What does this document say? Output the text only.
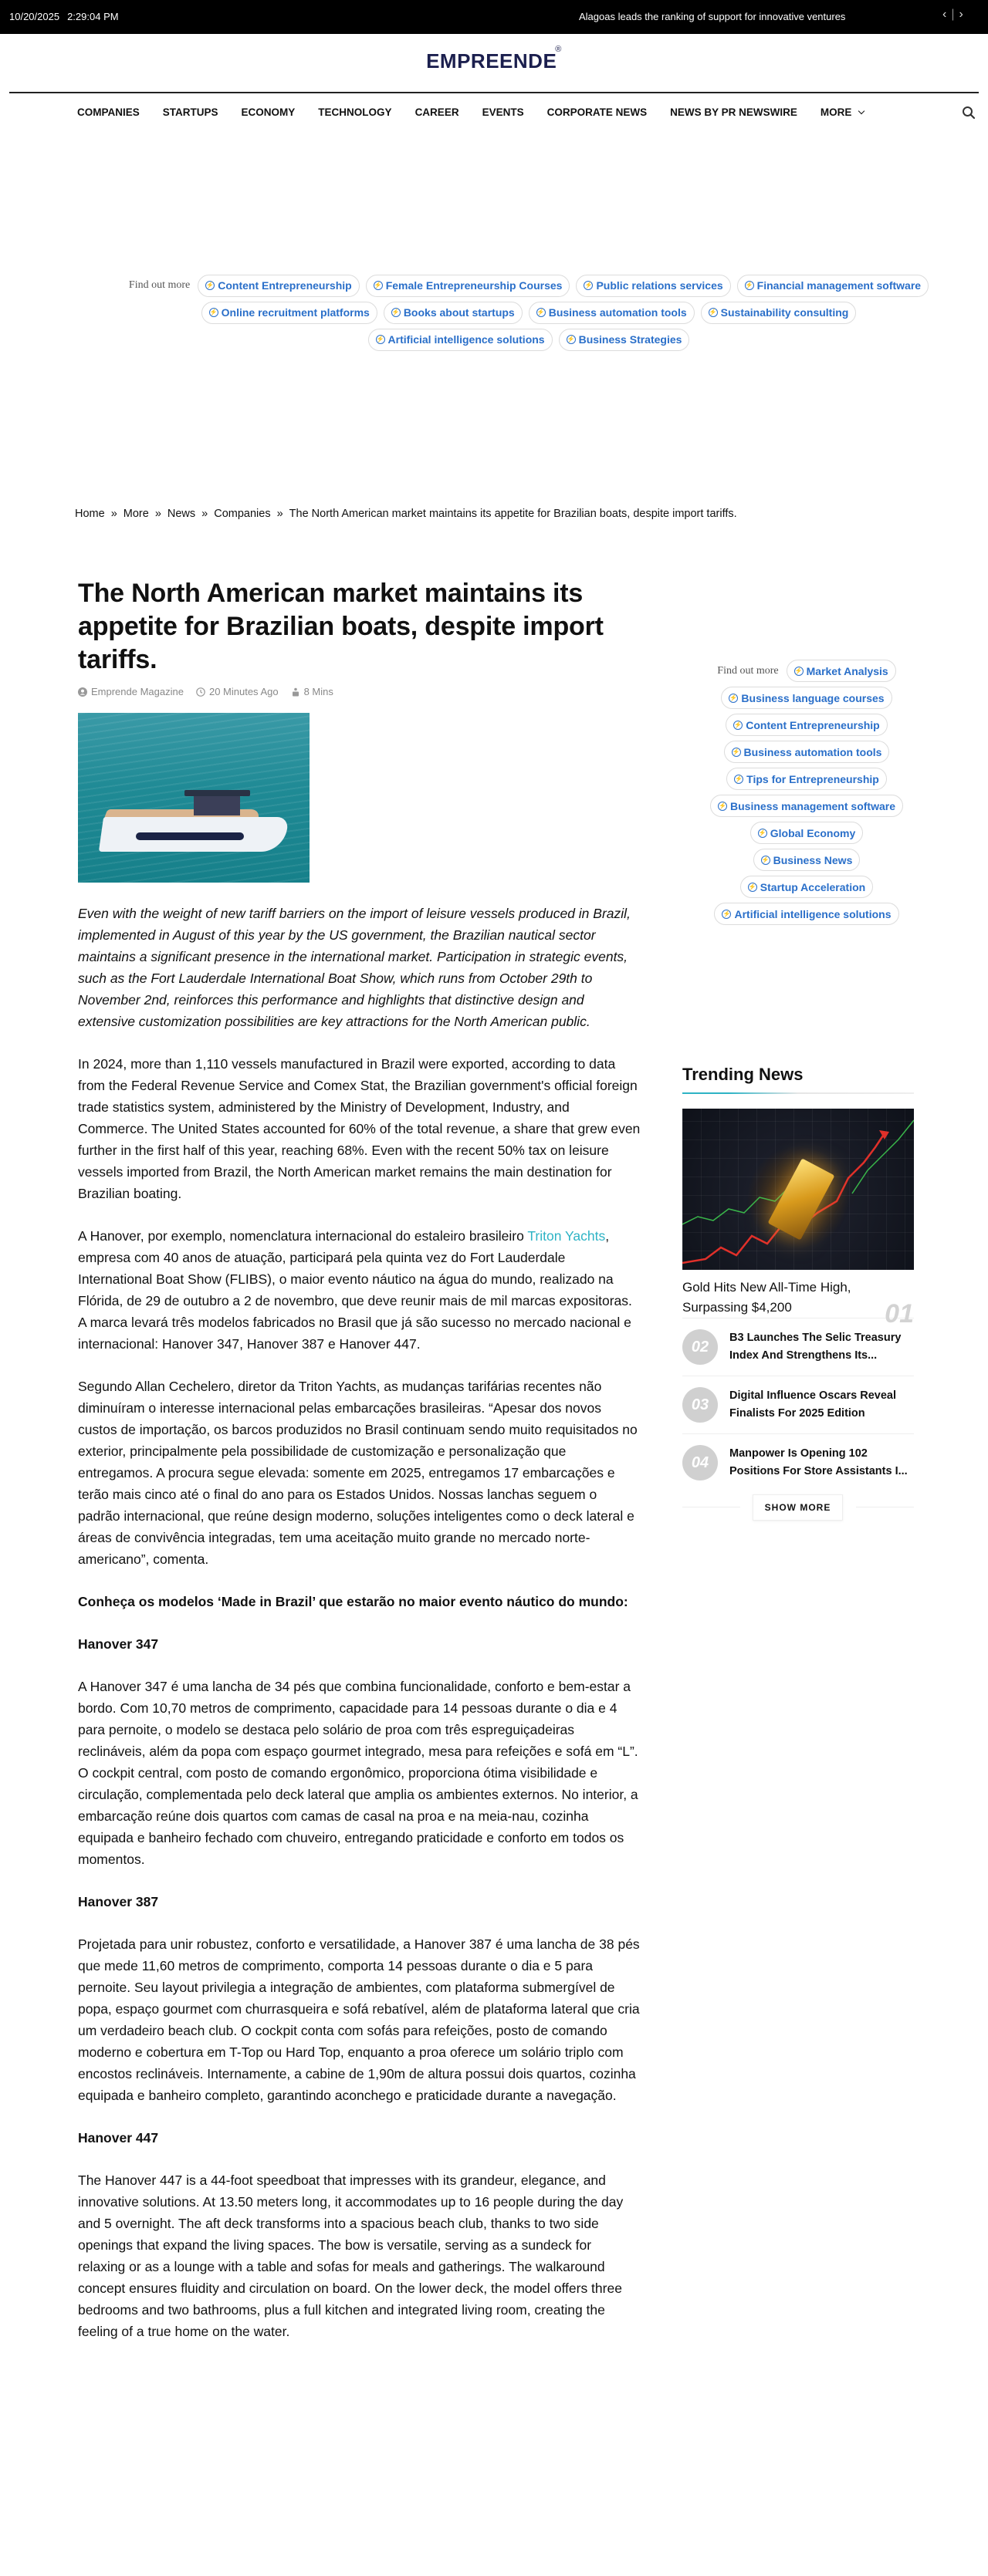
10/20/2025 2:29:04 PM	Alagoas leads the ranking of support for innovative ventures	‹ | ›
EMPREENDE®
COMPANIES STARTUPS ECONOMY TECHNOLOGY CAREER EVENTS CORPORATE NEWS NEWS BY PR NEWSWIRE MORE
Find out more	⚡ Content Entrepreneurship	⚡ Female Entrepreneurship Courses	⚡ Public relations services	⚡ Financial management software
⚡ Online recruitment platforms	⚡ Books about startups	⚡ Business automation tools	⚡ Sustainability consulting
⚡ Artificial intelligence solutions	⚡ Business Strategies
Home » More » News » Companies » The North American market maintains its appetite for Brazilian boats, despite import tariffs.
The North American market maintains its appetite for Brazilian boats, despite import tariffs.
Emprende Magazine	20 Minutes Ago	8 Mins

Even with the weight of new tariff barriers on the import of leisure vessels produced in Brazil, implemented in August of this year by the US government, the Brazilian nautical sector maintains a significant presence in the international market. Participation in strategic events, such as the Fort Lauderdale International Boat Show, which runs from October 29th to November 2nd, reinforces this performance and highlights that distinctive design and extensive customization possibilities are key attractions for the North American public.

In 2024, more than 1,110 vessels manufactured in Brazil were exported, according to data from the Federal Revenue Service and Comex Stat, the Brazilian government's official foreign trade statistics system, administered by the Ministry of Development, Industry, and Commerce. The United States accounted for 60% of the total revenue, a share that grew even further in the first half of this year, reaching 68%. Even with the recent 50% tax on leisure vessels imported from Brazil, the North American market remains the main destination for Brazilian boating.

A Hanover, por exemplo, nomenclatura internacional do estaleiro brasileiro Triton Yachts, empresa com 40 anos de atuação, participará pela quinta vez do Fort Lauderdale International Boat Show (FLIBS), o maior evento náutico na água do mundo, realizado na Flórida, de 29 de outubro a 2 de novembro, que deve reunir mais de mil marcas expositoras. A marca levará três modelos fabricados no Brasil que já são sucesso no mercado nacional e internacional: Hanover 347, Hanover 387 e Hanover 447.

Segundo Allan Cechelero, diretor da Triton Yachts, as mudanças tarifárias recentes não diminuíram o interesse internacional pelas embarcações brasileiras. “Apesar dos novos custos de importação, os barcos produzidos no Brasil continuam sendo muito requisitados no exterior, principalmente pela possibilidade de customização e personalização que entregamos. A procura segue elevada: somente em 2025, entregamos 17 embarcações e terão mais cinco até o final do ano para os Estados Unidos. Nossas lanchas seguem o padrão internacional, que reúne design moderno, soluções inteligentes como o deck lateral e áreas de convivência integradas, tem uma aceitação muito grande no mercado norte-americano”, comenta.

Conheça os modelos ‘Made in Brazil’ que estarão no maior evento náutico do mundo:
Hanover 347

A Hanover 347 é uma lancha de 34 pés que combina funcionalidade, conforto e bem-estar a bordo. Com 10,70 metros de comprimento, capacidade para 14 pessoas durante o dia e 4 para pernoite, o modelo se destaca pelo solário de proa com três espreguiçadeiras reclináveis, além da popa com espaço gourmet integrado, mesa para refeições e sofá em “L”. O cockpit central, com posto de comando ergonômico, proporciona ótima visibilidade e circulação, complementada pelo deck lateral que amplia os ambientes externos. No interior, a embarcação reúne dois quartos com camas de casal na proa e na meia-nau, cozinha equipada e banheiro fechado com chuveiro, entregando praticidade e conforto em todos os momentos.

Hanover 387

Projetada para unir robustez, conforto e versatilidade, a Hanover 387 é uma lancha de 38 pés que mede 11,60 metros de comprimento, comporta 14 pessoas durante o dia e 5 para pernoite. Seu layout privilegia a integração de ambientes, com plataforma submergível de popa, espaço gourmet com churrasqueira e sofá rebatível, além de plataforma lateral que cria um verdadeiro beach club. O cockpit conta com sofás para refeições, posto de comando moderno e cobertura em T-Top ou Hard Top, enquanto a proa oferece um solário triplo com encostos reclináveis. Internamente, a cabine de 1,90m de altura possui dois quartos, cozinha equipada e banheiro completo, garantindo aconchego e praticidade durante a navegação.

Hanover 447

The Hanover 447 is a 44-foot speedboat that impresses with its grandeur, elegance, and innovative solutions. At 13.50 meters long, it accommodates up to 16 people during the day and 5 overnight. The aft deck transforms into a spacious beach club, thanks to two side openings that expand the living spaces. The bow is versatile, serving as a sundeck for relaxing or as a lounge with a table and sofas for meals and gatherings. The walkaround concept ensures fluidity and circulation on board. On the lower deck, the model offers three bedrooms and two bathrooms, plus a full kitchen and integrated living room, creating the feeling of a true home on the water.

Find out more	⚡ Market Analysis
⚡ Business language courses
⚡ Content Entrepreneurship
⚡ Business automation tools
⚡ Tips for Entrepreneurship
⚡ Business management software
⚡ Global Economy
⚡ Business News
⚡ Startup Acceleration
⚡ Artificial intelligence solutions
Trending News
Gold Hits New All-Time High, Surpassing $4,200	01
02
B3 Launches The Selic Treasury Index And Strengthens Its...
03
Digital Influence Oscars Reveal Finalists For 2025 Edition
04
Manpower Is Opening 102 Positions For Store Assistants I...
SHOW MORE
